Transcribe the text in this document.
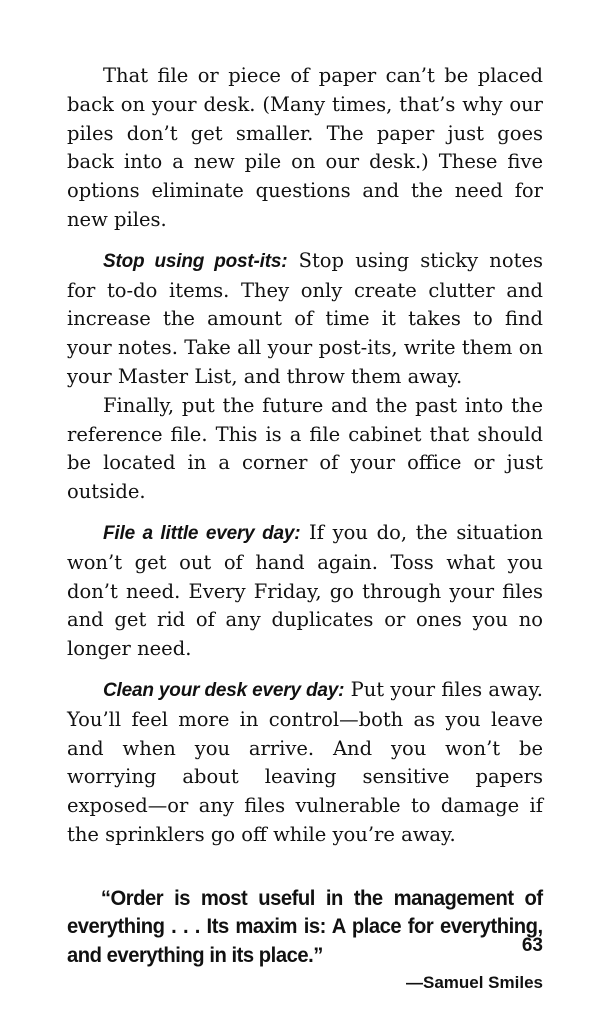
That file or piece of paper can’t be placed back on your desk. (Many times, that’s why our piles don’t get smaller. The paper just goes back into a new pile on our desk.) These five options eliminate questions and the need for new piles.

Stop using post-its: Stop using sticky notes for to-do items. They only create clutter and increase the amount of time it takes to find your notes. Take all your post-its, write them on your Master List, and throw them away.

Finally, put the future and the past into the reference file. This is a file cabinet that should be located in a corner of your office or just outside.

File a little every day: If you do, the situation won’t get out of hand again. Toss what you don’t need. Every Friday, go through your files and get rid of any duplicates or ones you no longer need.

Clean your desk every day: Put your files away. You’ll feel more in control—both as you leave and when you arrive. And you won’t be worrying about leaving sensitive papers exposed—or any files vulnerable to damage if the sprinklers go off while you’re away.

“Order is most useful in the management of everything . . . Its maxim is: A place for everything, and everything in its place.”

—Samuel Smiles
63
